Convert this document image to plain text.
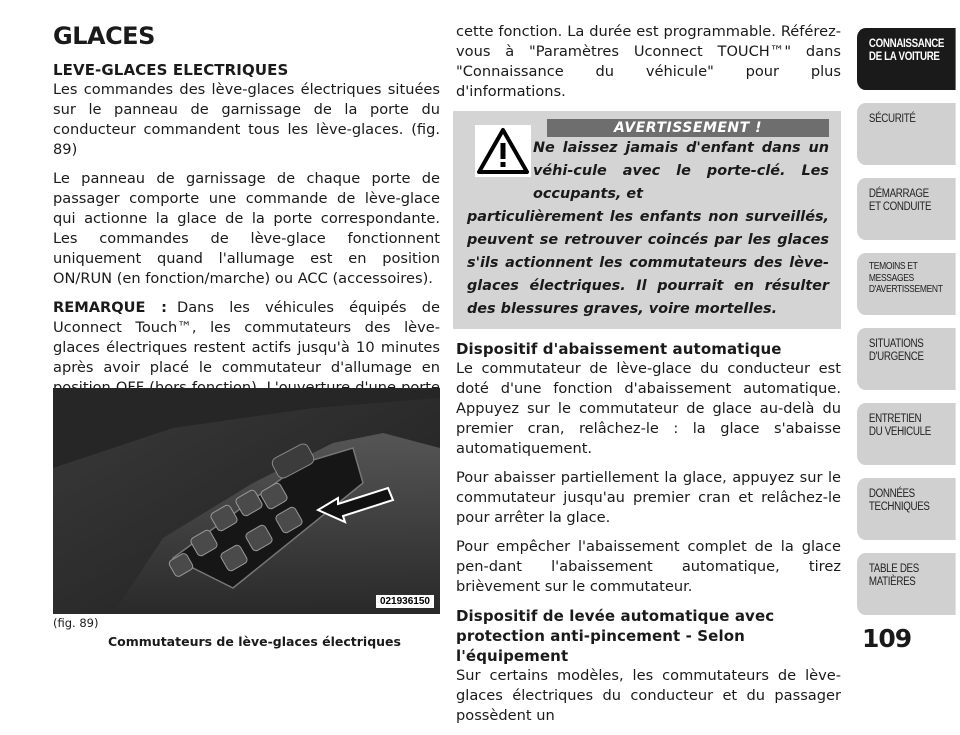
GLACES
LEVE-GLACES ELECTRIQUES

Les commandes des lève-glaces électriques situées sur le panneau de garnissage de la porte du conducteur commandent tous les lève-glaces. (fig. 89)

Le panneau de garnissage de chaque porte de passager comporte une commande de lève-glace qui actionne la glace de la porte correspondante. Les commandes de lève-glace fonctionnent uniquement quand l'allumage est en position ON/RUN (en fonction/marche) ou ACC (accessoires).

REMARQUE : Dans les véhicules équipés de Uconnect Touch™, les commutateurs des lève-glaces électriques restent actifs jusqu'à 10 minutes après avoir placé le commutateur d'allumage en

021936150
(fig. 89)
Commutateurs de lève-glaces électriques

cette fonction. La durée est programmable. Référez-vous à "Paramètres Uconnect TOUCH™" dans "Connaissance du véhicule" pour plus d'informations.

AVERTISSEMENT !
Ne laissez jamais d'enfant dans un véhi-cule avec le porte-clé. Les occupants, et
particulièrement les enfants non surveillés, peuvent se retrouver coincés par les glaces s'ils actionnent les commutateurs des lève-glaces électriques. Il pourrait en résulter des blessures graves, voire mortelles.
Dispositif d'abaissement automatique

Le commutateur de lève-glace du conducteur est doté d'une fonction d'abaissement automatique. Appuyez sur le commutateur de glace au-delà du premier cran, relâchez-le : la glace s'abaisse automatiquement.

Pour abaisser partiellement la glace, appuyez sur le commutateur jusqu'au premier cran et relâchez-le pour arrêter la glace.

Pour empêcher l'abaissement complet de la glace pen-dant l'abaissement automatique, tirez brièvement sur le commutateur.

Dispositif de levée automatique avec protection anti-pincement - Selon l'équipement

Sur certains modèles, les commutateurs de lève-glaces électriques du conducteur et du passager possèdent un

109
CONNAISSANCE
DE LA VOITURE
SÉCURITÉ
DÉMARRAGE
ET CONDUITE
TEMOINS ET
MESSAGES
D'AVERTISSEMENT
SITUATIONS
D'URGENCE
ENTRETIEN
DU VEHICULE
DONNÉES
TECHNIQUES
TABLE DES
MATIÈRES
